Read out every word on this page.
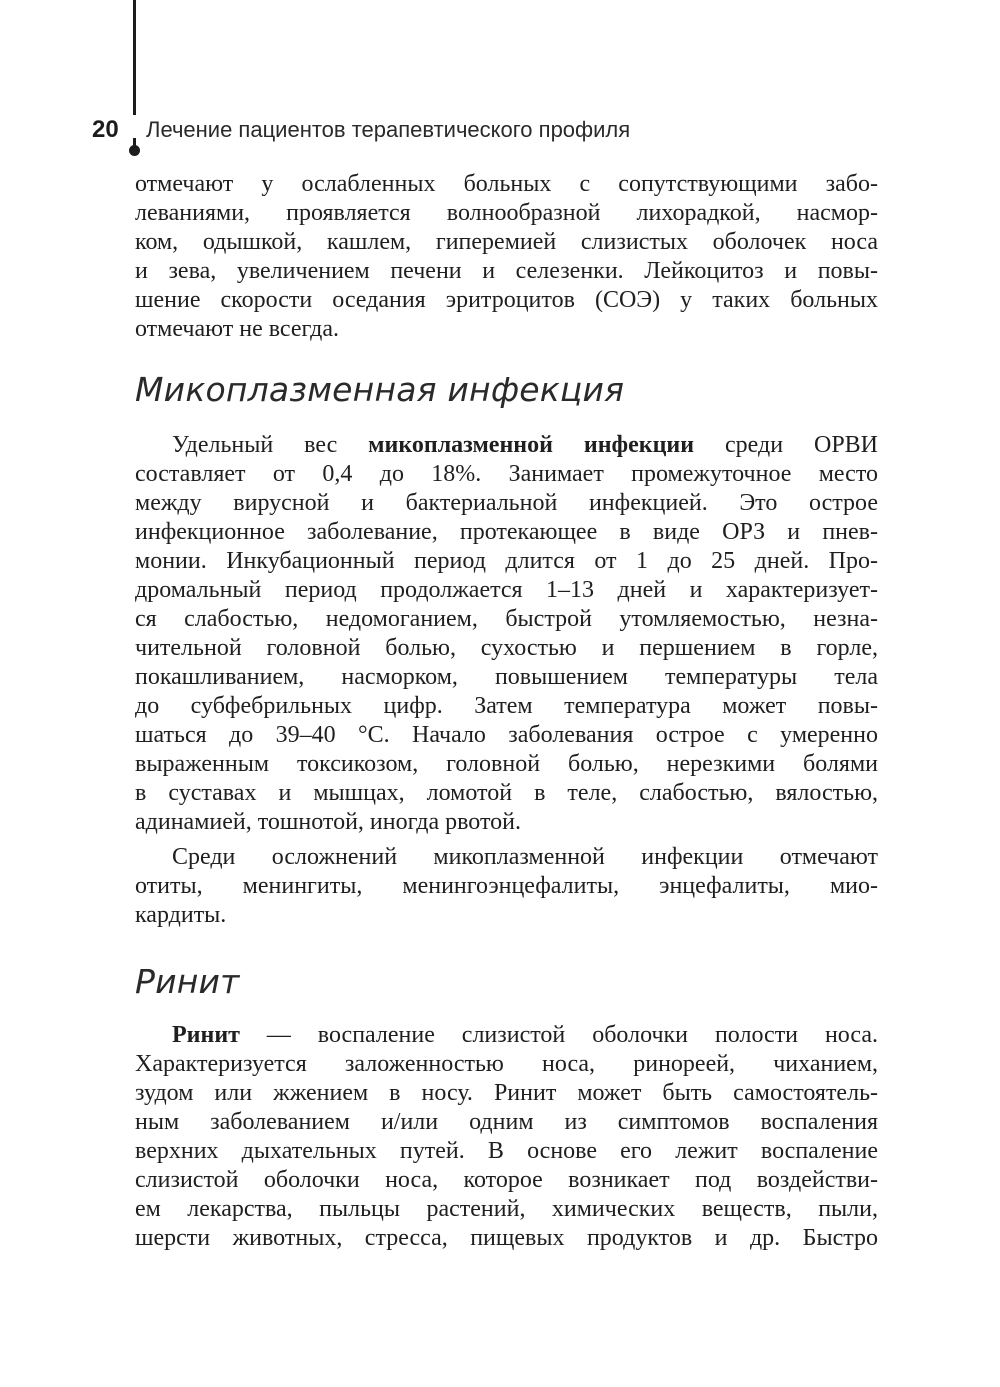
20 Лечение пациентов терапевтического профиля
отмечают у ослабленных больных с сопутствующими забо-
леваниями, проявляется волнообразной лихорадкой, насмор-
ком, одышкой, кашлем, гиперемией слизистых оболочек носа
и зева, увеличением печени и селезенки. Лейкоцитоз и повы-
шение скорости оседания эритроцитов (СОЭ) у таких больных
отмечают не всегда.
Микоплазменная инфекция
Удельный вес микоплазменной инфекции среди ОРВИ
составляет от 0,4 до 18%. Занимает промежуточное место
между вирусной и бактериальной инфекцией. Это острое
инфекционное заболевание, протекающее в виде ОРЗ и пнев-
монии. Инкубационный период длится от 1 до 25 дней. Про-
дромальный период продолжается 1–13 дней и характеризует-
ся слабостью, недомоганием, быстрой утомляемостью, незна-
чительной головной болью, сухостью и першением в горле,
покашливанием, насморком, повышением температуры тела
до субфебрильных цифр. Затем температура может повы-
шаться до 39–40 °С. Начало заболевания острое с умеренно
выраженным токсикозом, головной болью, нерезкими болями
в суставах и мышцах, ломотой в теле, слабостью, вялостью,
адинамией, тошнотой, иногда рвотой.
Среди осложнений микоплазменной инфекции отмечают
отиты, менингиты, менингоэнцефалиты, энцефалиты, мио-
кардиты.
Ринит
Ринит — воспаление слизистой оболочки полости носа.
Характеризуется заложенностью носа, ринореей, чиханием,
зудом или жжением в носу. Ринит может быть самостоятель-
ным заболеванием и/или одним из симптомов воспаления
верхних дыхательных путей. В основе его лежит воспаление
слизистой оболочки носа, которое возникает под воздействи-
ем лекарства, пыльцы растений, химических веществ, пыли,
шерсти животных, стресса, пищевых продуктов и др. Быстро
